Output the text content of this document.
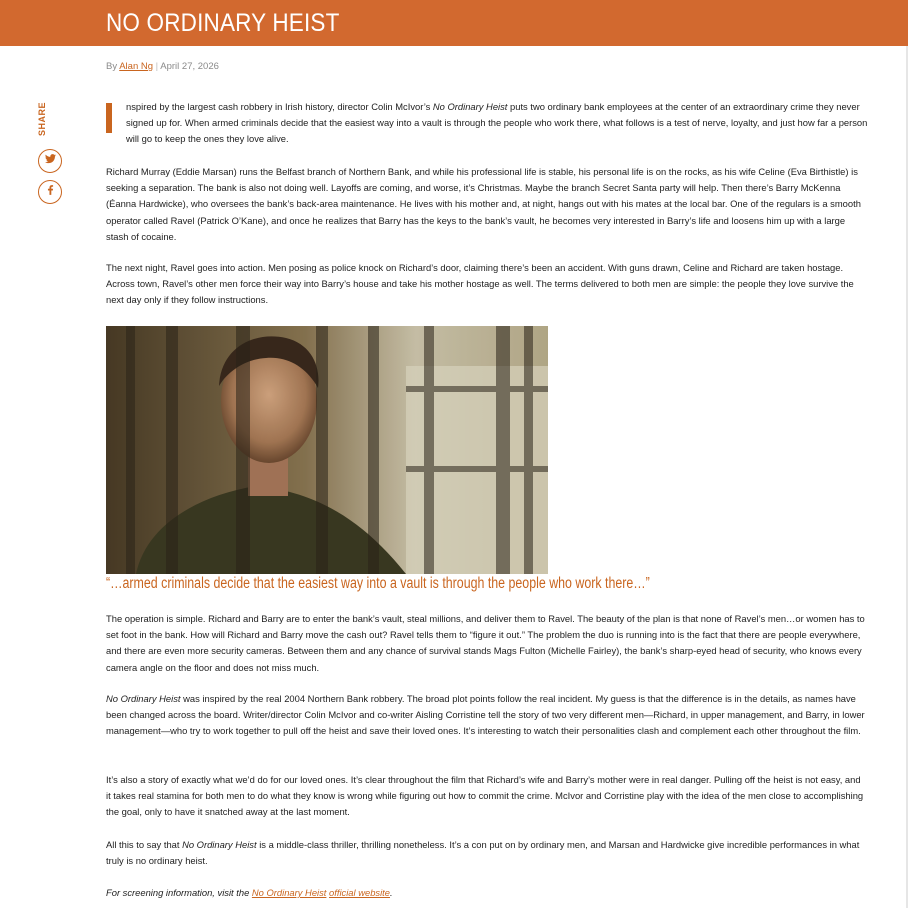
NO ORDINARY HEIST
By Alan Ng | April 27, 2026
SHARE	nspired by the largest cash robbery in Irish history, director Colin McIvor’s No Ordinary Heist puts two ordinary bank employees at the center of an extraordinary crime they never signed up for. When armed criminals decide that the easiest way into a vault is through the people who work there, what follows is a test of nerve, loyalty, and just how far a person will go to keep the ones they love alive.

Richard Murray (Eddie Marsan) runs the Belfast branch of Northern Bank, and while his professional life is stable, his personal life is on the rocks, as his wife Celine (Eva Birthistle) is seeking a separation. The bank is also not doing well. Layoffs are coming, and worse, it’s Christmas. Maybe the branch Secret Santa party will help. Then there’s Barry McKenna (Éanna Hardwicke), who oversees the bank’s back-area maintenance. He lives with his mother and, at night, hangs out with his mates at the local bar. One of the regulars is a smooth operator called Ravel (Patrick O’Kane), and once he realizes that Barry has the keys to the bank’s vault, he becomes very interested in Barry’s life and loosens him up with a large stash of cocaine.

The next night, Ravel goes into action. Men posing as police knock on Richard’s door, claiming there’s been an accident. With guns drawn, Celine and Richard are taken hostage. Across town, Ravel’s other men force their way into Barry’s house and take his mother hostage as well. The terms delivered to both men are simple: the people they love survive the next day only if they follow instructions.

“…armed criminals decide that the easiest way into a vault is through the people who work there…”

The operation is simple. Richard and Barry are to enter the bank’s vault, steal millions, and deliver them to Ravel. The beauty of the plan is that none of Ravel’s men…or women has to set foot in the bank. How will Richard and Barry move the cash out? Ravel tells them to “figure it out.” The problem the duo is running into is the fact that there are people everywhere, and there are even more security cameras. Between them and any chance of survival stands Mags Fulton (Michelle Fairley), the bank’s sharp-eyed head of security, who knows every camera angle on the floor and does not miss much.

No Ordinary Heist was inspired by the real 2004 Northern Bank robbery. The broad plot points follow the real incident. My guess is that the difference is in the details, as names have been changed across the board. Writer/director Colin McIvor and co-writer Aisling Corristine tell the story of two very different men—Richard, in upper management, and Barry, in lower management—who try to work together to pull off the heist and save their loved ones. It’s interesting to watch their personalities clash and complement each other throughout the film.

It’s also a story of exactly what we’d do for our loved ones. It’s clear throughout the film that Richard’s wife and Barry’s mother were in real danger. Pulling off the heist is not easy, and it takes real stamina for both men to do what they know is wrong while figuring out how to commit the crime. McIvor and Corristine play with the idea of the men close to accomplishing the goal, only to have it snatched away at the last moment.

All this to say that No Ordinary Heist is a middle-class thriller, thrilling nonetheless. It’s a con put on by ordinary men, and Marsan and Hardwicke give incredible performances in what truly is no ordinary heist.

For screening information, visit the No Ordinary Heist official website.
